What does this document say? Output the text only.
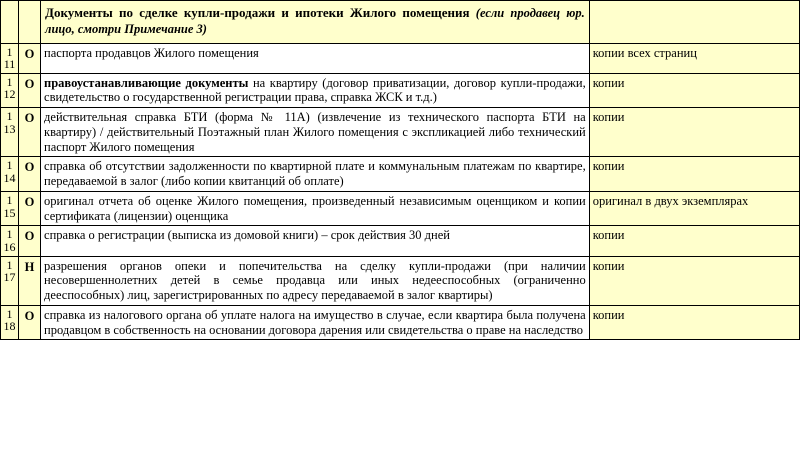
		Документы по сделке купли-продажи и ипотеки Жилого помещения (если продавец юр. лицо, смотри Примечание 3)	

1
11	О	паспорта продавцов Жилого помещения	копии всех страниц

1
12	О	правоустанавливающие документы на квартиру (договор приватизации, договор купли-продажи, свидетельство о государственной регистрации права, справка ЖСК и т.д.)	копии

1
13	О	действительная справка БТИ (форма № 11А) (извлечение из технического паспорта БТИ на квартиру) / действительный Поэтажный план Жилого помещения с экспликацией либо технический паспорт Жилого помещения	копии

1
14	О	справка об отсутствии задолженности по квартирной плате и коммунальным платежам по квартире, передаваемой в залог (либо копии квитанций об оплате)	копии

1
15	О	оригинал отчета об оценке Жилого помещения, произведенный независимым оценщиком и копии сертификата (лицензии) оценщика	оригинал в двух экземплярах

1
16	О	справка о регистрации (выписка из домовой книги) – срок действия 30 дней	копии

1
17	Н	разрешения органов опеки и попечительства на сделку купли-продажи (при наличии несовершеннолетних детей в семье продавца или иных недееспособных (ограниченно дееспособных) лиц, зарегистрированных по адресу передаваемой в залог квартиры)	копии

1
18	О	справка из налогового органа об уплате налога на имущество в случае, если квартира была получена продавцом в собственность на основании договора дарения или свидетельства о праве на наследство	копии
